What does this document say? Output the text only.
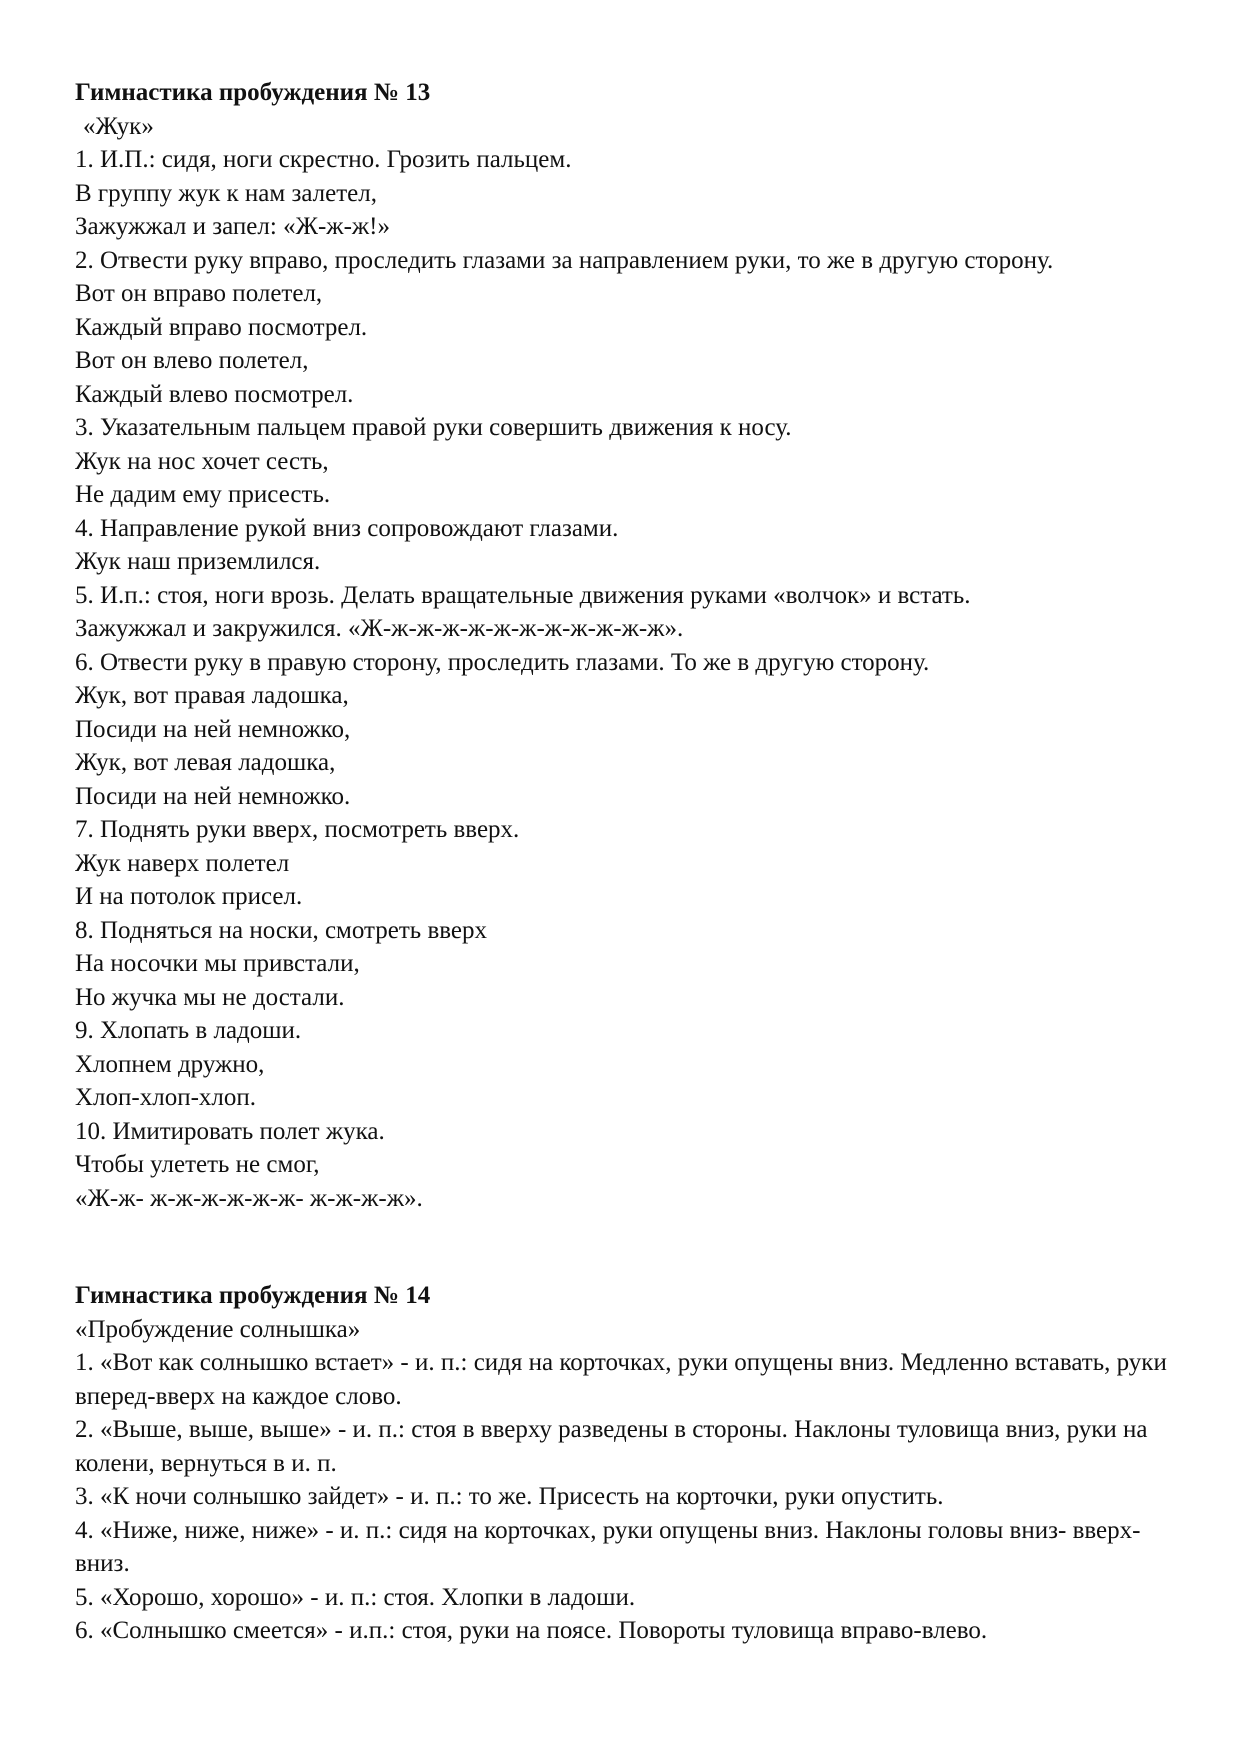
Гимнастика пробуждения № 13
«Жук»
1. И.П.: сидя, ноги скрестно. Грозить пальцем.
В группу жук к нам залетел,
Зажужжал и запел: «Ж-ж-ж!»
2. Отвести руку вправо, проследить глазами за направлением руки, то же в другую сторону.
Вот он вправо полетел,
Каждый вправо посмотрел.
Вот он влево полетел,
Каждый влево посмотрел.
3. Указательным пальцем правой руки совершить движения к носу.
Жук на нос хочет сесть,
Не дадим ему присесть.
4. Направление рукой вниз сопровождают глазами.
Жук наш приземлился.
5. И.п.: стоя, ноги врозь. Делать вращательные движения руками «волчок» и встать.
Зажужжал и закружился. «Ж-ж-ж-ж-ж-ж-ж-ж-ж-ж-ж-ж».
6. Отвести руку в правую сторону, проследить глазами. То же в другую сторону.
Жук, вот правая ладошка,
Посиди на ней немножко,
Жук, вот левая ладошка,
Посиди на ней немножко.
7. Поднять руки вверх, посмотреть вверх.
Жук наверх полетел
И на потолок присел.
8. Подняться на носки, смотреть вверх
На носочки мы привстали,
Но жучка мы не достали.
9. Хлопать в ладоши.
Хлопнем дружно,
Хлоп-хлоп-хлоп.
10. Имитировать полет жука.
Чтобы улететь не смог,
«Ж-ж- ж-ж-ж-ж-ж-ж- ж-ж-ж-ж».
Гимнастика пробуждения № 14
«Пробуждение солнышка»
1. «Вот как солнышко встает» - и. п.: сидя на корточках, руки опущены вниз. Медленно вставать, руки вперед-вверх на каждое слово.
2. «Выше, выше, выше» - и. п.: стоя в вверху разведены в стороны. Наклоны туловища вниз, руки на колени, вернуться в и. п.
3. «К ночи солнышко зайдет» - и. п.: то же. Присесть на корточки, руки опустить.
4. «Ниже, ниже, ниже» - и. п.: сидя на корточках, руки опущены вниз. Наклоны головы вниз- вверх-вниз.
5. «Хорошо, хорошо» - и. п.: стоя. Хлопки в ладоши.
6. «Солнышко смеется» - и.п.: стоя, руки на поясе. Повороты туловища вправо-влево.
